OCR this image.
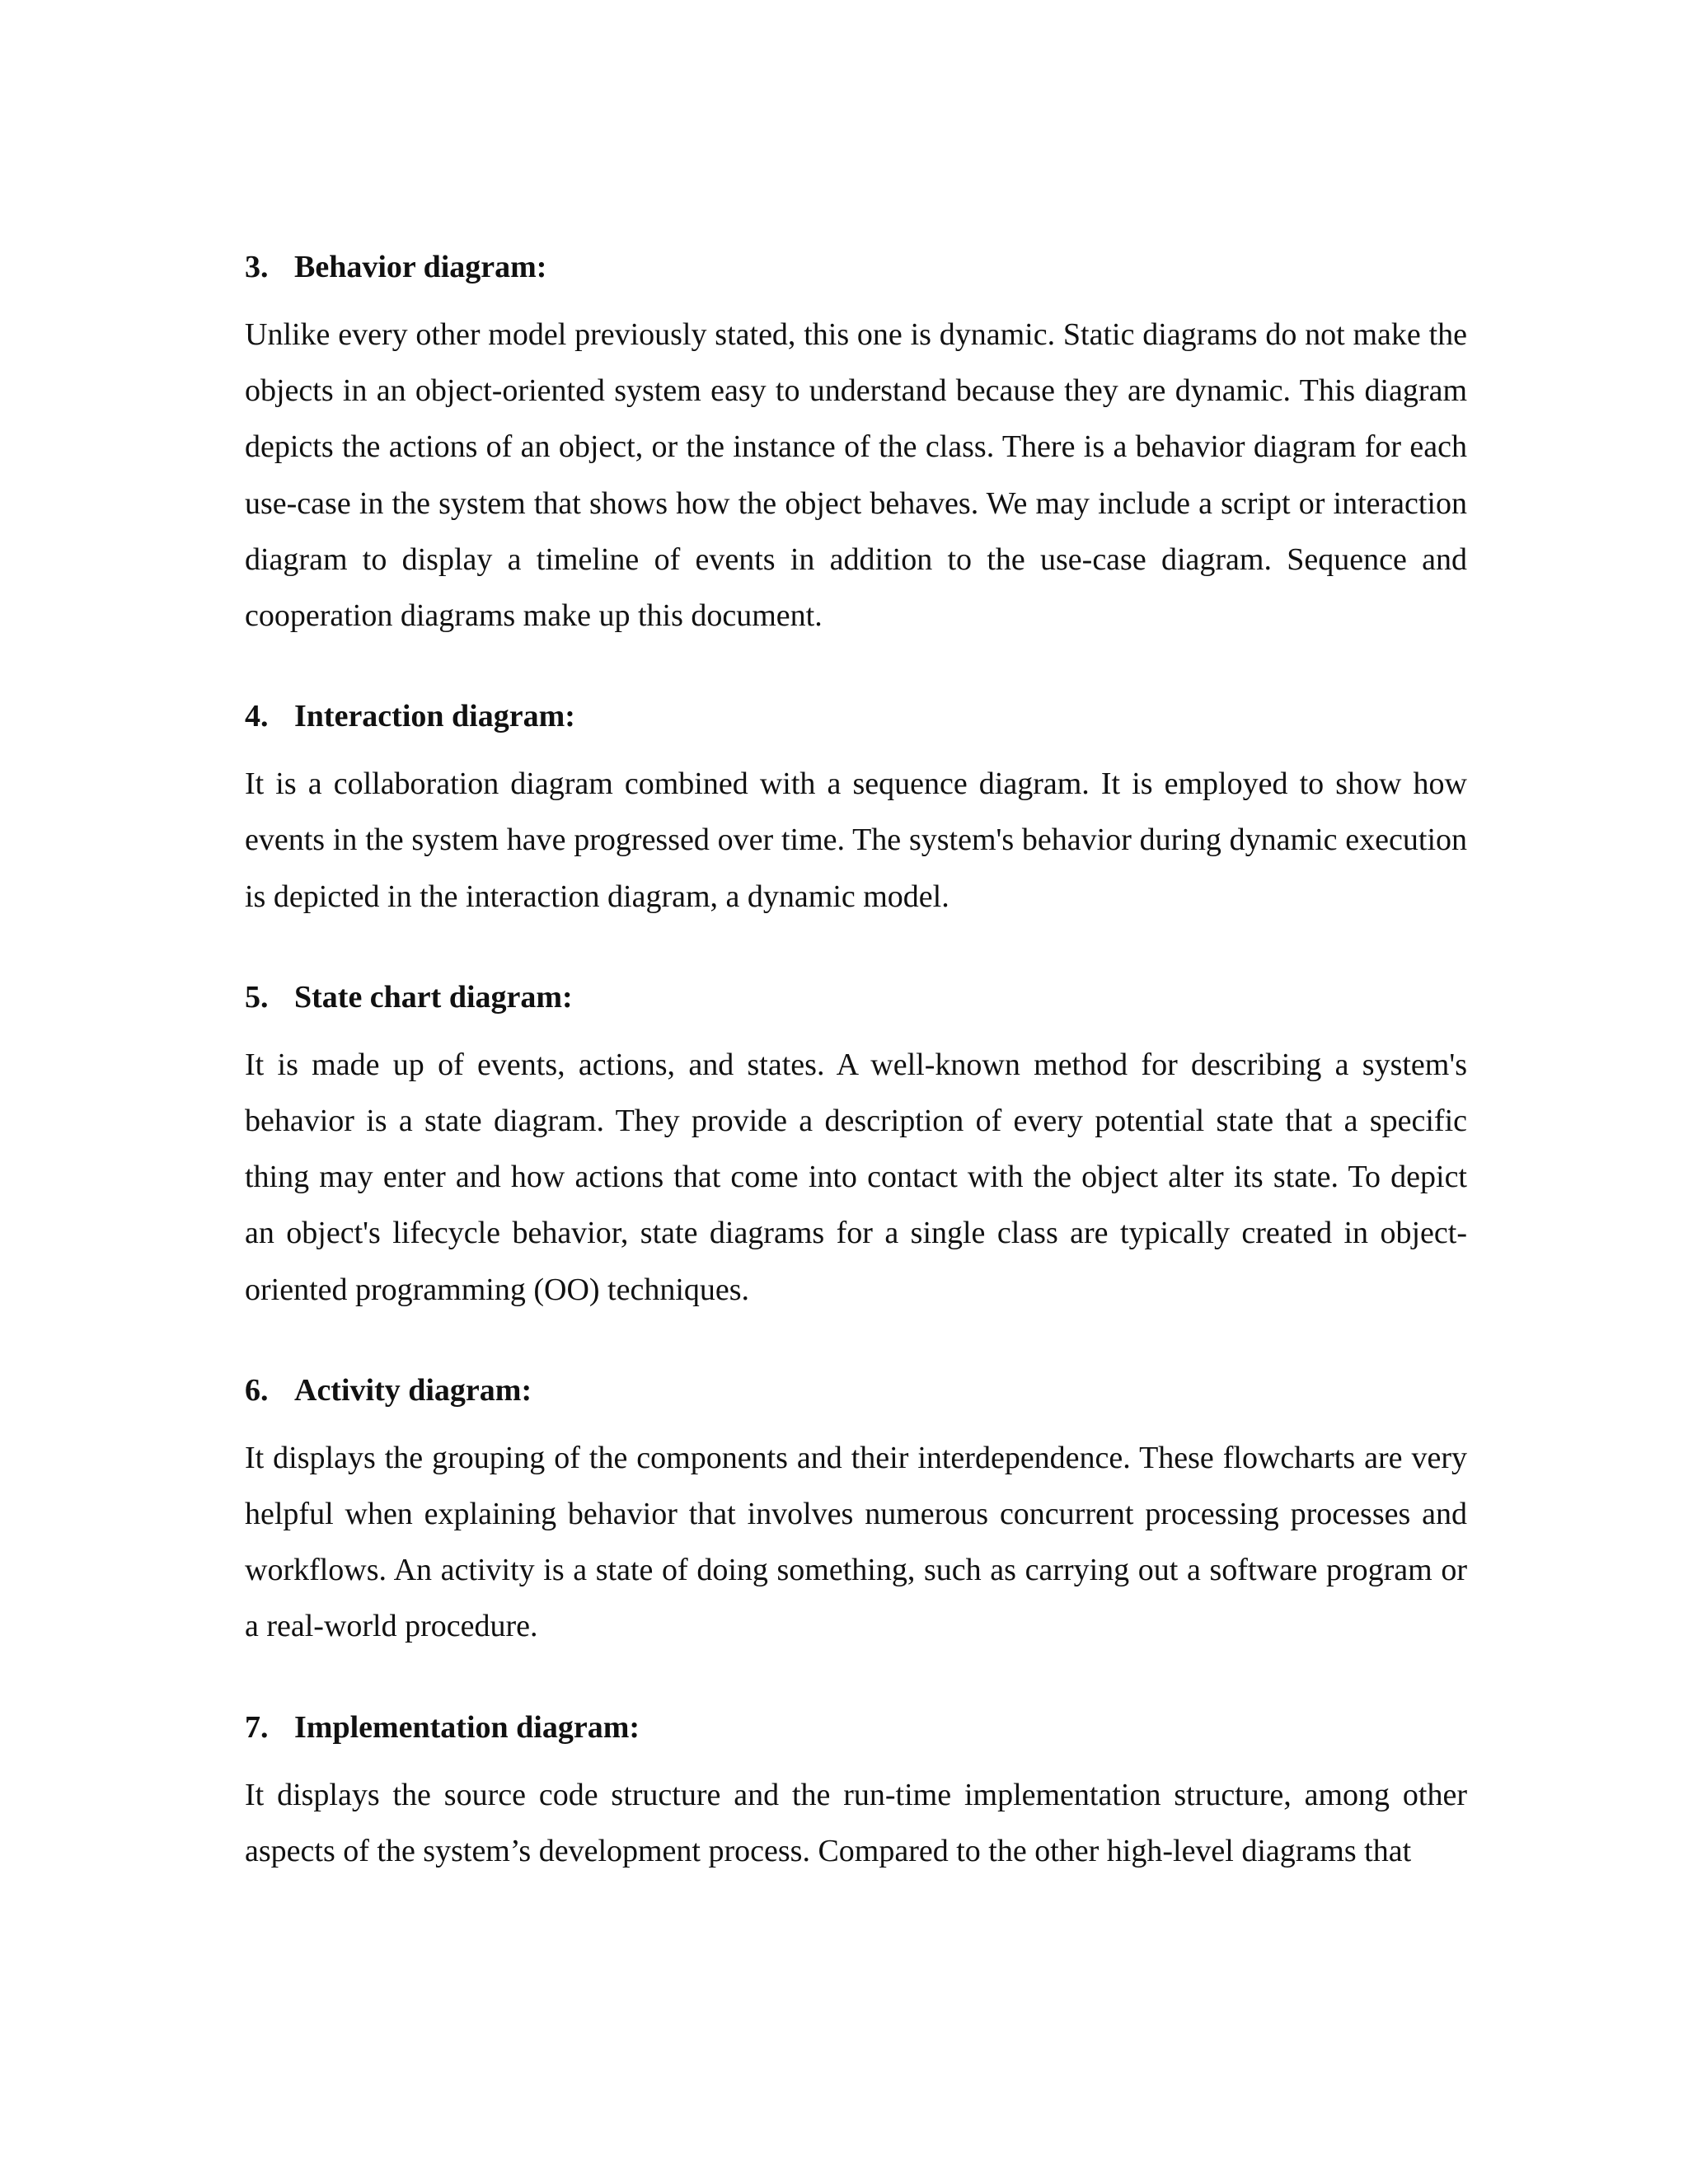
3. Behavior diagram:

Unlike every other model previously stated, this one is dynamic. Static diagrams do not make the objects in an object-oriented system easy to understand because they are dynamic. This diagram depicts the actions of an object, or the instance of the class. There is a behavior diagram for each use-case in the system that shows how the object behaves. We may include a script or interaction diagram to display a timeline of events in addition to the use-case diagram. Sequence and cooperation diagrams make up this document.

4. Interaction diagram:

It is a collaboration diagram combined with a sequence diagram. It is employed to show how events in the system have progressed over time. The system's behavior during dynamic execution is depicted in the interaction diagram, a dynamic model.

5. State chart diagram:

It is made up of events, actions, and states. A well-known method for describing a system's behavior is a state diagram. They provide a description of every potential state that a specific thing may enter and how actions that come into contact with the object alter its state. To depict an object's lifecycle behavior, state diagrams for a single class are typically created in object-oriented programming (OO) techniques.

6. Activity diagram:

It displays the grouping of the components and their interdependence. These flowcharts are very helpful when explaining behavior that involves numerous concurrent processing processes and workflows. An activity is a state of doing something, such as carrying out a software program or a real-world procedure.

7. Implementation diagram:

It displays the source code structure and the run-time implementation structure, among other aspects of the system’s development process. Compared to the other high-level diagrams that
